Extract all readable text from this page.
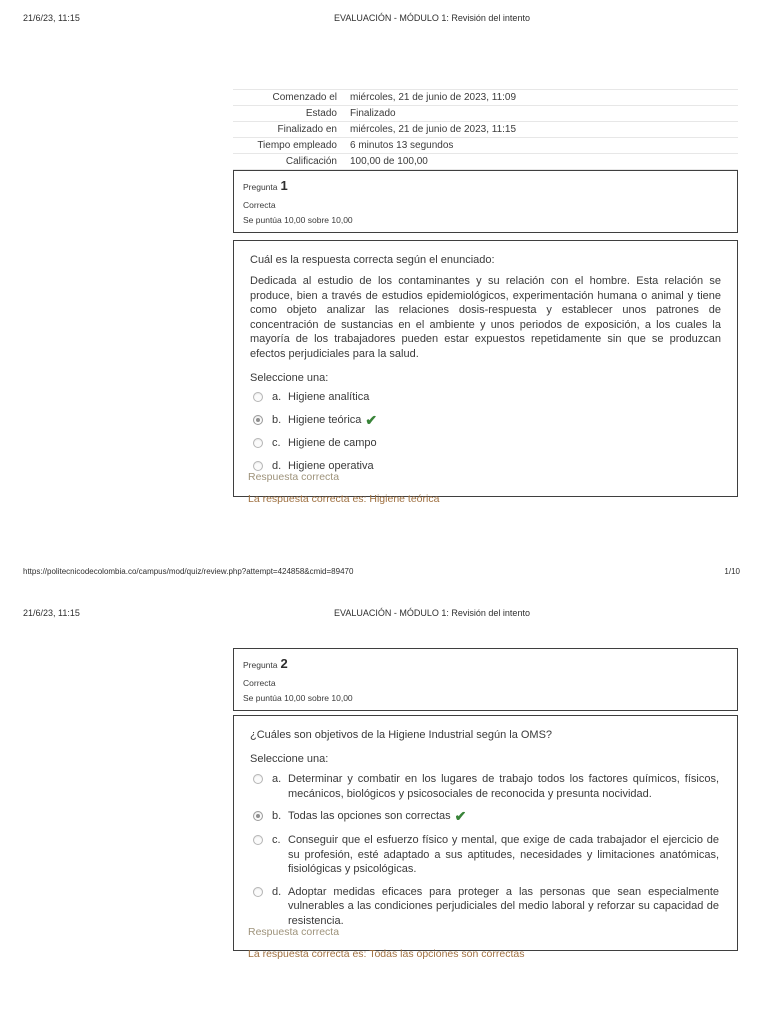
21/6/23, 11:15	EVALUACIÓN - MÓDULO 1: Revisión del intento
Comenzado el	miércoles, 21 de junio de 2023, 11:09
Estado	Finalizado
Finalizado en	miércoles, 21 de junio de 2023, 11:15
Tiempo empleado	6 minutos 13 segundos
Calificación	100,00 de 100,00
Pregunta 1
Correcta
Se puntúa 10,00 sobre 10,00
Cuál es la respuesta correcta según el enunciado:
Dedicada al estudio de los contaminantes y su relación con el hombre. Esta relación se produce, bien a través de estudios epidemiológicos, experimentación humana o animal y tiene como objeto analizar las relaciones dosis-respuesta y establecer unos patrones de concentración de sustancias en el ambiente y unos periodos de exposición, a los cuales la mayoría de los trabajadores pueden estar expuestos repetidamente sin que se produzcan efectos perjudiciales para la salud.
Seleccione una:
a. Higiene analítica
b. Higiene teórica ✔
c. Higiene de campo
d. Higiene operativa
Respuesta correcta
La respuesta correcta es: Higiene teórica
https://politecnicodecolombia.co/campus/mod/quiz/review.php?attempt=424858&cmid=89470	1/10
21/6/23, 11:15	EVALUACIÓN - MÓDULO 1: Revisión del intento
Pregunta 2
Correcta
Se puntúa 10,00 sobre 10,00
¿Cuáles son objetivos de la Higiene Industrial según la OMS?
Seleccione una:
a. Determinar y combatir en los lugares de trabajo todos los factores químicos, físicos, mecánicos, biológicos y psicosociales de reconocida y presunta nocividad.
b. Todas las opciones son correctas ✔
c. Conseguir que el esfuerzo físico y mental, que exige de cada trabajador el ejercicio de su profesión, esté adaptado a sus aptitudes, necesidades y limitaciones anatómicas, fisiológicas y psicológicas.
d. Adoptar medidas eficaces para proteger a las personas que sean especialmente vulnerables a las condiciones perjudiciales del medio laboral y reforzar su capacidad de resistencia.
Respuesta correcta
La respuesta correcta es: Todas las opciones son correctas
